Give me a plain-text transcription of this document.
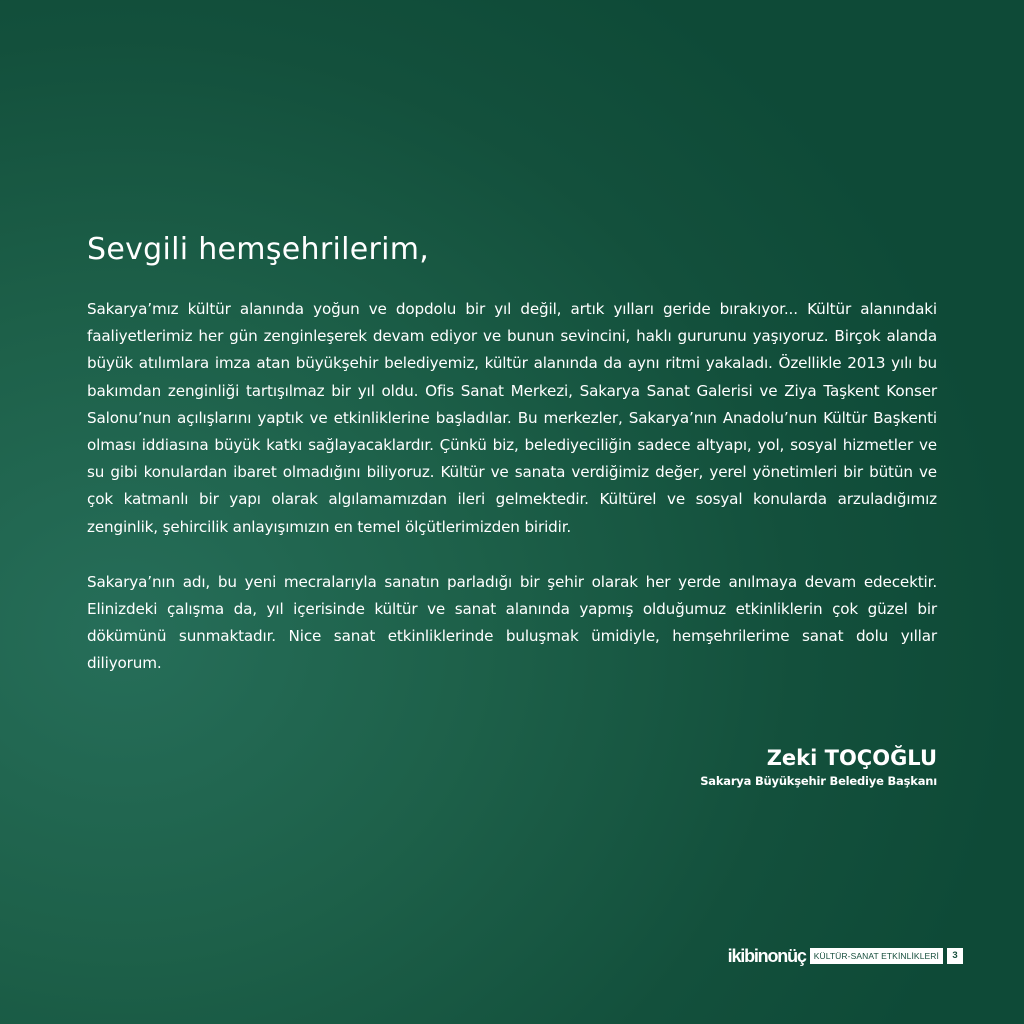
Sevgili hemşehrilerim,

Sakarya’mız kültür alanında yoğun ve dopdolu bir yıl değil, artık yılları geride bırakıyor... Kültür alanındaki faaliyetlerimiz her gün zenginleşerek devam ediyor ve bunun sevincini, haklı gururunu yaşıyoruz. Birçok alanda büyük atılımlara imza atan büyükşehir belediyemiz, kültür alanında da aynı ritmi yakaladı. Özellikle 2013 yılı bu bakımdan zenginliği tartışılmaz bir yıl oldu. Ofis Sanat Merkezi, Sakarya Sanat Galerisi ve Ziya Taşkent Konser Salonu’nun açılışlarını yaptık ve etkinliklerine başladılar. Bu merkezler, Sakarya’nın Anadolu’nun Kültür Başkenti olması iddiasına büyük katkı sağlayacaklardır. Çünkü biz, belediyeciliğin sadece altyapı, yol, sosyal hizmetler ve su gibi konulardan ibaret olmadığını biliyoruz. Kültür ve sanata verdiğimiz değer, yerel yönetimleri bir bütün ve çok katmanlı bir yapı olarak algılamamızdan ileri gelmektedir. Kültürel ve sosyal konularda arzuladığımız zenginlik, şehircilik anlayışımızın en temel ölçütlerimizden biridir.

Sakarya’nın adı, bu yeni mecralarıyla sanatın parladığı bir şehir olarak her yerde anılmaya devam edecektir. Elinizdeki çalışma da, yıl içerisinde kültür ve sanat alanında yapmış olduğumuz etkinliklerin çok güzel bir dökümünü sunmaktadır. Nice sanat etkinliklerinde buluşmak ümidiyle, hemşehrilerime sanat dolu yıllar diliyorum.

Zeki TOÇOĞLU
Sakarya Büyükşehir Belediye Başkanı
ikibinonüç KÜLTÜR-SANAT ETKİNLİKLERİ	3
